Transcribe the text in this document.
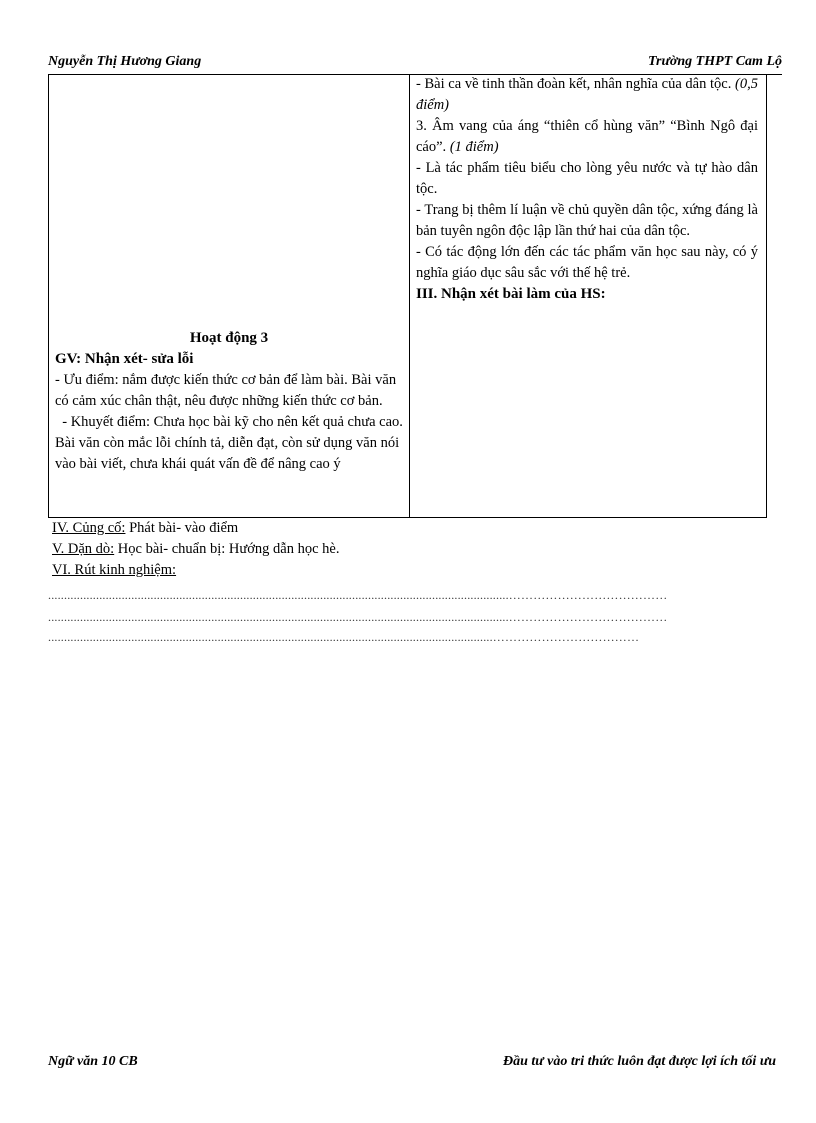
Nguyễn Thị Hương Giang	Trường THPT Cam Lộ
Hoạt động 3
GV: Nhận xét- sửa lỗi

- Ưu điểm: nắm được kiến thức cơ bản để làm bài. Bài văn có cảm xúc chân thật, nêu được những kiến thức cơ bản.

- Khuyết điểm: Chưa học bài kỹ cho nên kết quả chưa cao. Bài văn còn mắc lỗi chính tả, diễn đạt, còn sử dụng văn nói vào bài viết, chưa khái quát vấn đề để nâng cao ý

- Bài ca về tinh thần đoàn kết, nhân nghĩa của dân tộc. (0,5 điểm)

3. Âm vang của áng “thiên cổ hùng văn” “Bình Ngô đại cáo”. (1 điểm)

- Là tác phẩm tiêu biểu cho lòng yêu nước và tự hào dân tộc.

- Trang bị thêm lí luận về chủ quyền dân tộc, xứng đáng là bản tuyên ngôn độc lập lần thứ hai của dân tộc.

- Có tác động lớn đến các tác phẩm văn học sau này, có ý nghĩa giáo dục sâu sắc với thế hệ trẻ.

III. Nhận xét bài làm của HS:

IV. Củng cố: Phát bài- vào điểm
V. Dặn dò: Học bài- chuẩn bị: Hướng dẫn học hè.
VI. Rút kinh nghiệm:
................................................................................................................................................…………………………………
................................................................................................................................................…………………………………
...........................................................................................................................................………………………………
Ngữ văn 10 CB	Đầu tư vào tri thức luôn đạt được lợi ích tối ưu
